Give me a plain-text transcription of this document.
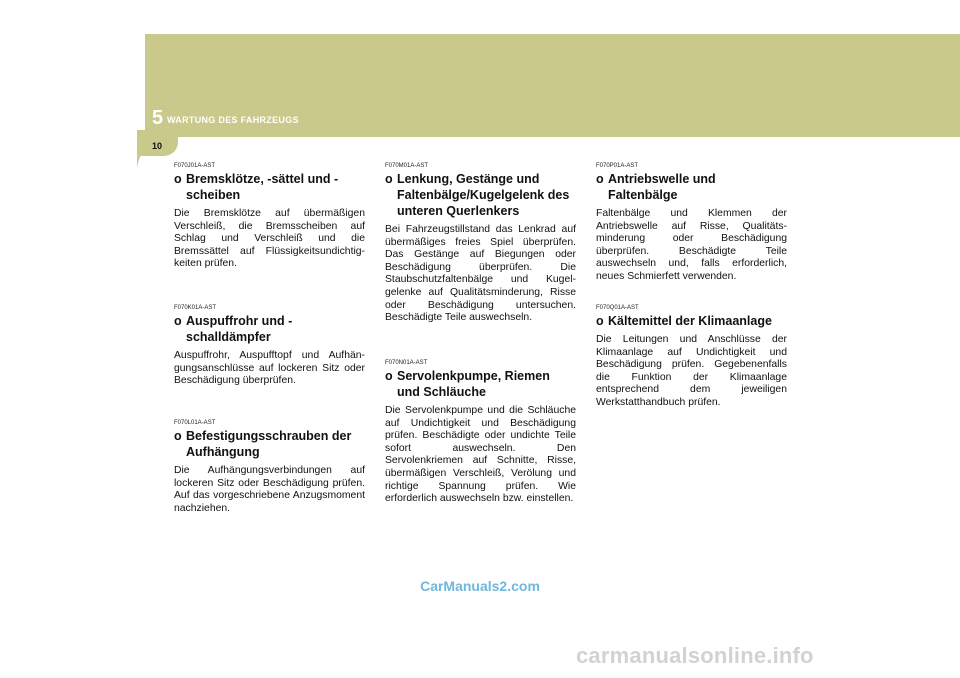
5 WARTUNG DES FAHRZEUGS
10
F070J01A-AST
o Bremsklötze, -sättel und -scheiben
Die Bremsklötze auf übermäßigen Verschleiß, die Bremsscheiben auf Schlag und Verschleiß und die Bremssättel auf Flüssigkeitsundichtig-keiten prüfen.
F070K01A-AST
o Auspuffrohr und -schalldämpfer
Auspuffrohr, Auspufftopf und Aufhän-gungsanschlüsse auf lockeren Sitz oder Beschädigung überprüfen.
F070L01A-AST
o Befestigungsschrauben der Aufhängung
Die Aufhängungsverbindungen auf lockeren Sitz oder Beschädigung prüfen. Auf das vorgeschriebene Anzugsmoment nachziehen.
F070M01A-AST
o Lenkung, Gestänge und Faltenbälge/Kugelgelenk des unteren Querlenkers
Bei Fahrzeugstillstand das Lenkrad auf übermäßiges freies Spiel überprüfen. Das Gestänge auf Biegungen oder Beschädigung überprüfen. Die Staubschutzfaltenbälge und Kugel-gelenke auf Qualitätsminderung, Risse oder Beschädigung untersuchen. Beschädigte Teile auswechseln.
F070N01A-AST
o Servolenkpumpe, Riemen und Schläuche
Die Servolenkpumpe und die Schläuche auf Undichtigkeit und Beschädigung prüfen. Beschädigte oder undichte Teile sofort auswechseln. Den Servolenkriemen auf Schnitte, Risse, übermäßigen Verschleiß, Verölung und richtige Spannung prüfen. Wie erforderlich auswechseln bzw. einstellen.
F070P01A-AST
o Antriebswelle und Faltenbälge
Faltenbälge und Klemmen der Antriebswelle auf Risse, Qualitäts-minderung oder Beschädigung überprüfen. Beschädigte Teile auswechseln und, falls erforderlich, neues Schmierfett verwenden.
F070Q01A-AST
o Kältemittel der Klimaanlage
Die Leitungen und Anschlüsse der Klimaanlage auf Undichtigkeit und Beschädigung prüfen. Gegebenenfalls die Funktion der Klimaanlage entsprechend dem jeweiligen Werkstatthandbuch prüfen.
CarManuals2.com
carmanualsonline.info
